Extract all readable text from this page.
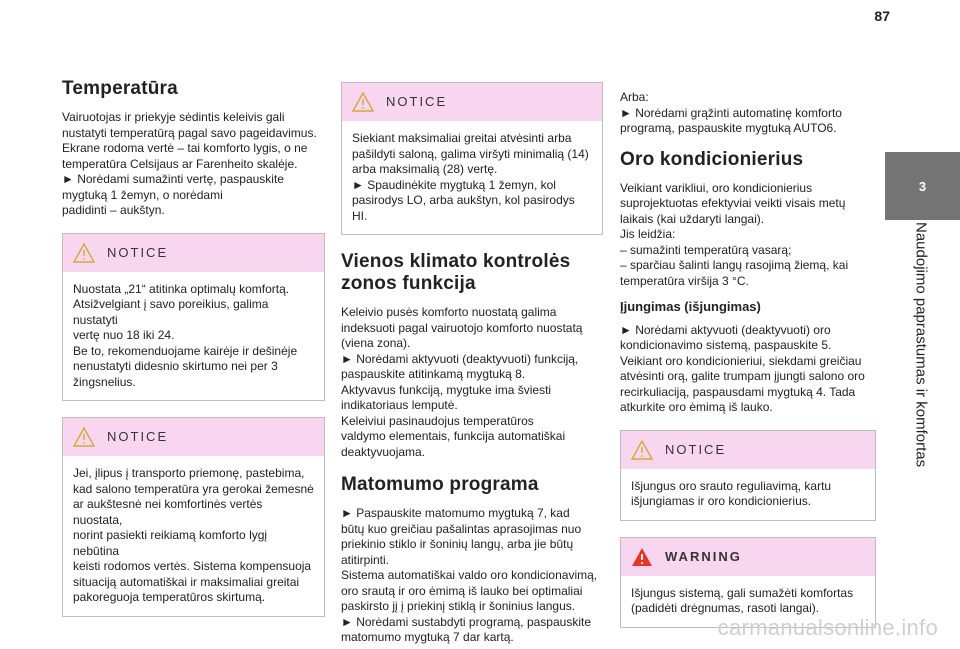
87
3
Naudojimo paprastumas ir komfortas
Temperatūra

Vairuotojas ir priekyje sėdintis keleivis gali
nustatyti temperatūrą pagal savo pageidavimus.
Ekrane rodoma vertė – tai komforto lygis, o ne
temperatūra Celsijaus ar Farenheito skalėje.
► Norėdami sumažinti vertę, paspauskite
mygtuką 1 žemyn, o norėdami
padidinti – aukštyn.

NOTICE
Nuostata „21“ atitinka optimalų komfortą.
Atsižvelgiant į savo poreikius, galima nustatyti
vertę nuo 18 iki 24.
Be to, rekomenduojame kairėje ir dešinėje
nenustatyti didesnio skirtumo nei per 3
žingsnelius.
NOTICE
Jei, įlipus į transporto priemonę, pastebima,
kad salono temperatūra yra gerokai žemesnė
ar aukštesnė nei komfortinės vertės nuostata,
norint pasiekti reikiamą komforto lygį nebūtina
keisti rodomos vertės. Sistema kompensuoja
situaciją automatiškai ir maksimaliai greitai
pakoreguoja temperatūros skirtumą.
NOTICE
Siekiant maksimaliai greitai atvėsinti arba
pašildyti saloną, galima viršyti minimalią (14)
arba maksimalią (28) vertę.
► Spaudinėkite mygtuką 1 žemyn, kol
pasirodys LO, arba aukštyn, kol pasirodys HI.
Vienos klimato kontrolės
zonos funkcija

Keleivio pusės komforto nuostatą galima
indeksuoti pagal vairuotojo komforto nuostatą
(viena zona).
► Norėdami aktyvuoti (deaktyvuoti) funkciją,
paspauskite atitinkamą mygtuką 8.
Aktyvavus funkciją, mygtuke ima šviesti
indikatoriaus lemputė.
Keleiviui pasinaudojus temperatūros
valdymo elementais, funkcija automatiškai
deaktyvuojama.

Matomumo programa

► Paspauskite matomumo mygtuką 7, kad
būtų kuo greičiau pašalintas aprasojimas nuo
priekinio stiklo ir šoninių langų, arba jie būtų
atitirpinti.
Sistema automatiškai valdo oro kondicionavimą,
oro srautą ir oro ėmimą iš lauko bei optimaliai
paskirsto jį į priekinį stiklą ir šoninius langus.
► Norėdami sustabdyti programą, paspauskite
matomumo mygtuką 7 dar kartą.

Arba:
► Norėdami grąžinti automatinę komforto
programą, paspauskite mygtuką AUTO6.

Oro kondicionierius

Veikiant varikliui, oro kondicionierius
suprojektuotas efektyviai veikti visais metų
laikais (kai uždaryti langai).
Jis leidžia:
– sumažinti temperatūrą vasarą;
– sparčiau šalinti langų rasojimą žiemą, kai
temperatūra viršija 3 °C.

Įjungimas (išjungimas)

► Norėdami aktyvuoti (deaktyvuoti) oro
kondicionavimo sistemą, paspauskite 5.
Veikiant oro kondicionieriui, siekdami greičiau
atvėsinti orą, galite trumpam įjungti salono oro
recirkuliaciją, paspausdami mygtuką 4. Tada
atkurkite oro ėmimą iš lauko.

NOTICE
Išjungus oro srauto reguliavimą, kartu
išjungiamas ir oro kondicionierius.
WARNING
Išjungus sistemą, gali sumažėti komfortas
(padidėti drėgnumas, rasoti langai).
carmanualsonline.info
